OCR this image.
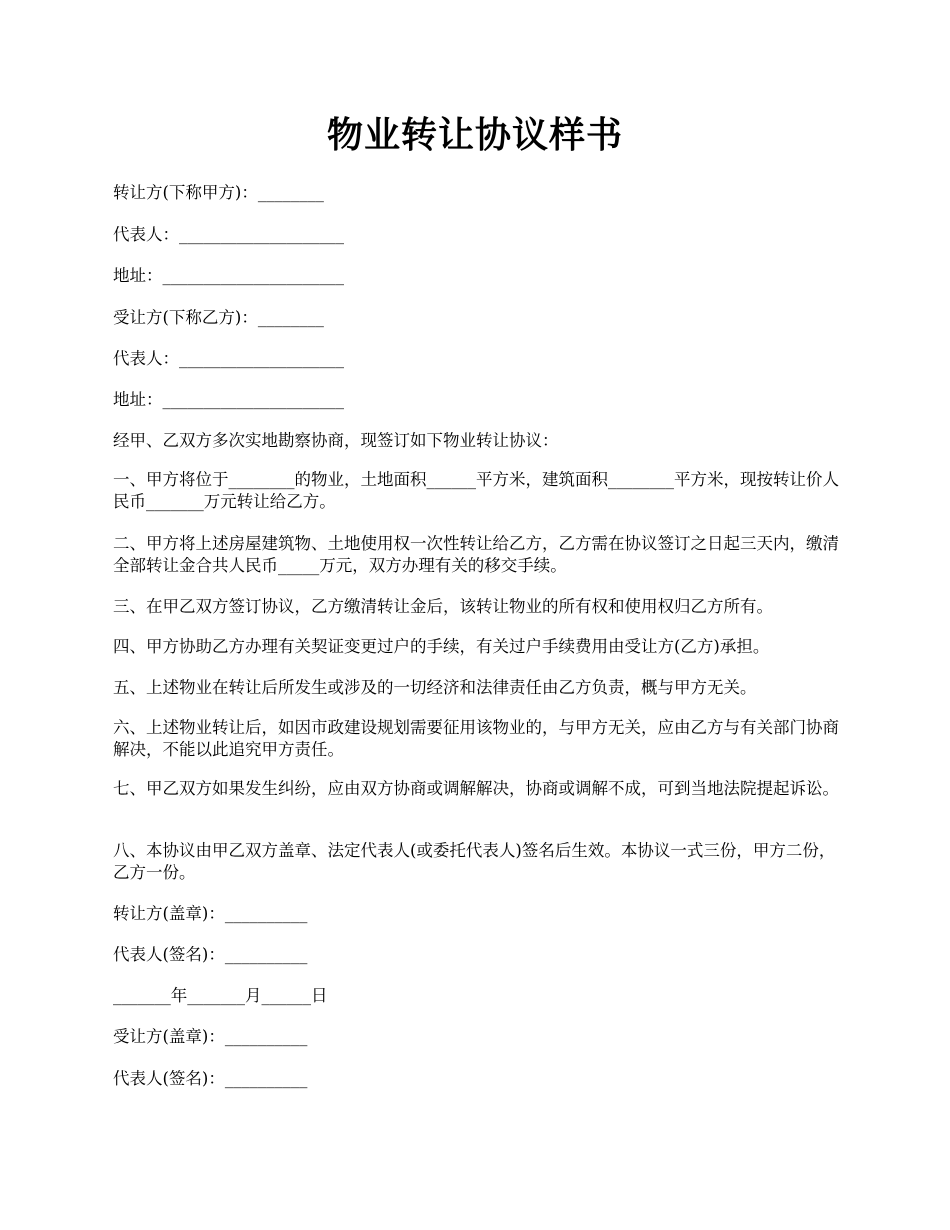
物业转让协议样书
转让方(下称甲方)：________
代表人：____________________
地址：______________________
受让方(下称乙方)：________
代表人：____________________
地址：______________________
经甲、乙双方多次实地勘察协商，现签订如下物业转让协议：
一、甲方将位于________的物业，土地面积______平方米，建筑面积________平方米，现按转让价人民币_______万元转让给乙方。
二、甲方将上述房屋建筑物、土地使用权一次性转让给乙方，乙方需在协议签订之日起三天内，缴清全部转让金合共人民币_____万元，双方办理有关的移交手续。
三、在甲乙双方签订协议，乙方缴清转让金后，该转让物业的所有权和使用权归乙方所有。
四、甲方协助乙方办理有关契证变更过户的手续，有关过户手续费用由受让方(乙方)承担。
五、上述物业在转让后所发生或涉及的一切经济和法律责任由乙方负责，概与甲方无关。
六、上述物业转让后，如因市政建设规划需要征用该物业的，与甲方无关，应由乙方与有关部门协商解决，不能以此追究甲方责任。
七、甲乙双方如果发生纠纷，应由双方协商或调解解决，协商或调解不成，可到当地法院提起诉讼。
八、本协议由甲乙双方盖章、法定代表人(或委托代表人)签名后生效。本协议一式三份，甲方二份，乙方一份。
转让方(盖章)：__________
代表人(签名)：__________
_______年_______月______日
受让方(盖章)：__________
代表人(签名)：__________
